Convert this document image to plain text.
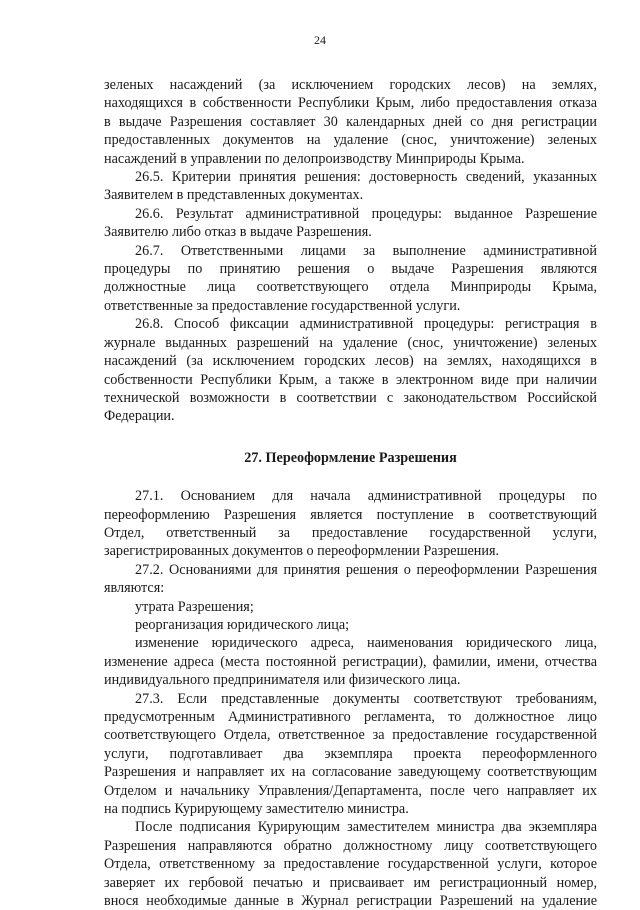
24

зеленых насаждений (за исключением городских лесов) на землях,
находящихся в собственности Республики Крым, либо предоставления отказа
в выдаче Разрешения составляет 30 календарных дней со дня регистрации
предоставленных документов на удаление (снос, уничтожение) зеленых
насаждений в управлении по делопроизводству Минприроды Крыма.

26.5. Критерии принятия решения: достоверность сведений, указанных
Заявителем в представленных документах.

26.6. Результат административной процедуры: выданное Разрешение
Заявителю либо отказ в выдаче Разрешения.

26.7. Ответственными лицами за выполнение административной
процедуры по принятию решения о выдаче Разрешения являются
должностные лица соответствующего отдела Минприроды Крыма,
ответственные за предоставление государственной услуги.

26.8. Способ фиксации административной процедуры: регистрация в
журнале выданных разрешений на удаление (снос, уничтожение) зеленых
насаждений (за исключением городских лесов) на землях, находящихся в
собственности Республики Крым, а также в электронном виде при наличии
технической возможности в соответствии с законодательством Российской
Федерации.

27. Переоформление Разрешения

27.1. Основанием для начала административной процедуры по
переоформлению Разрешения является поступление в соответствующий
Отдел, ответственный за предоставление государственной услуги,
зарегистрированных документов о переоформлении Разрешения.

27.2. Основаниями для принятия решения о переоформлении Разрешения
являются:

утрата Разрешения;

реорганизация юридического лица;

изменение юридического адреса, наименования юридического лица,
изменение адреса (места постоянной регистрации), фамилии, имени, отчества
индивидуального предпринимателя или физического лица.

27.3. Если представленные документы соответствуют требованиям,
предусмотренным Административного регламента, то должностное лицо
соответствующего Отдела, ответственное за предоставление государственной
услуги, подготавливает два экземпляра проекта переоформленного
Разрешения и направляет их на согласование заведующему соответствующим
Отделом и начальнику Управления/Департамента, после чего направляет их
на подпись Курирующему заместителю министра.

После подписания Курирующим заместителем министра два экземпляра
Разрешения направляются обратно должностному лицу соответствующего
Отдела, ответственному за предоставление государственной услуги, которое
заверяет их гербовой печатью и присваивает им регистрационный номер,
внося необходимые данные в Журнал регистрации Разрешений на удаление
